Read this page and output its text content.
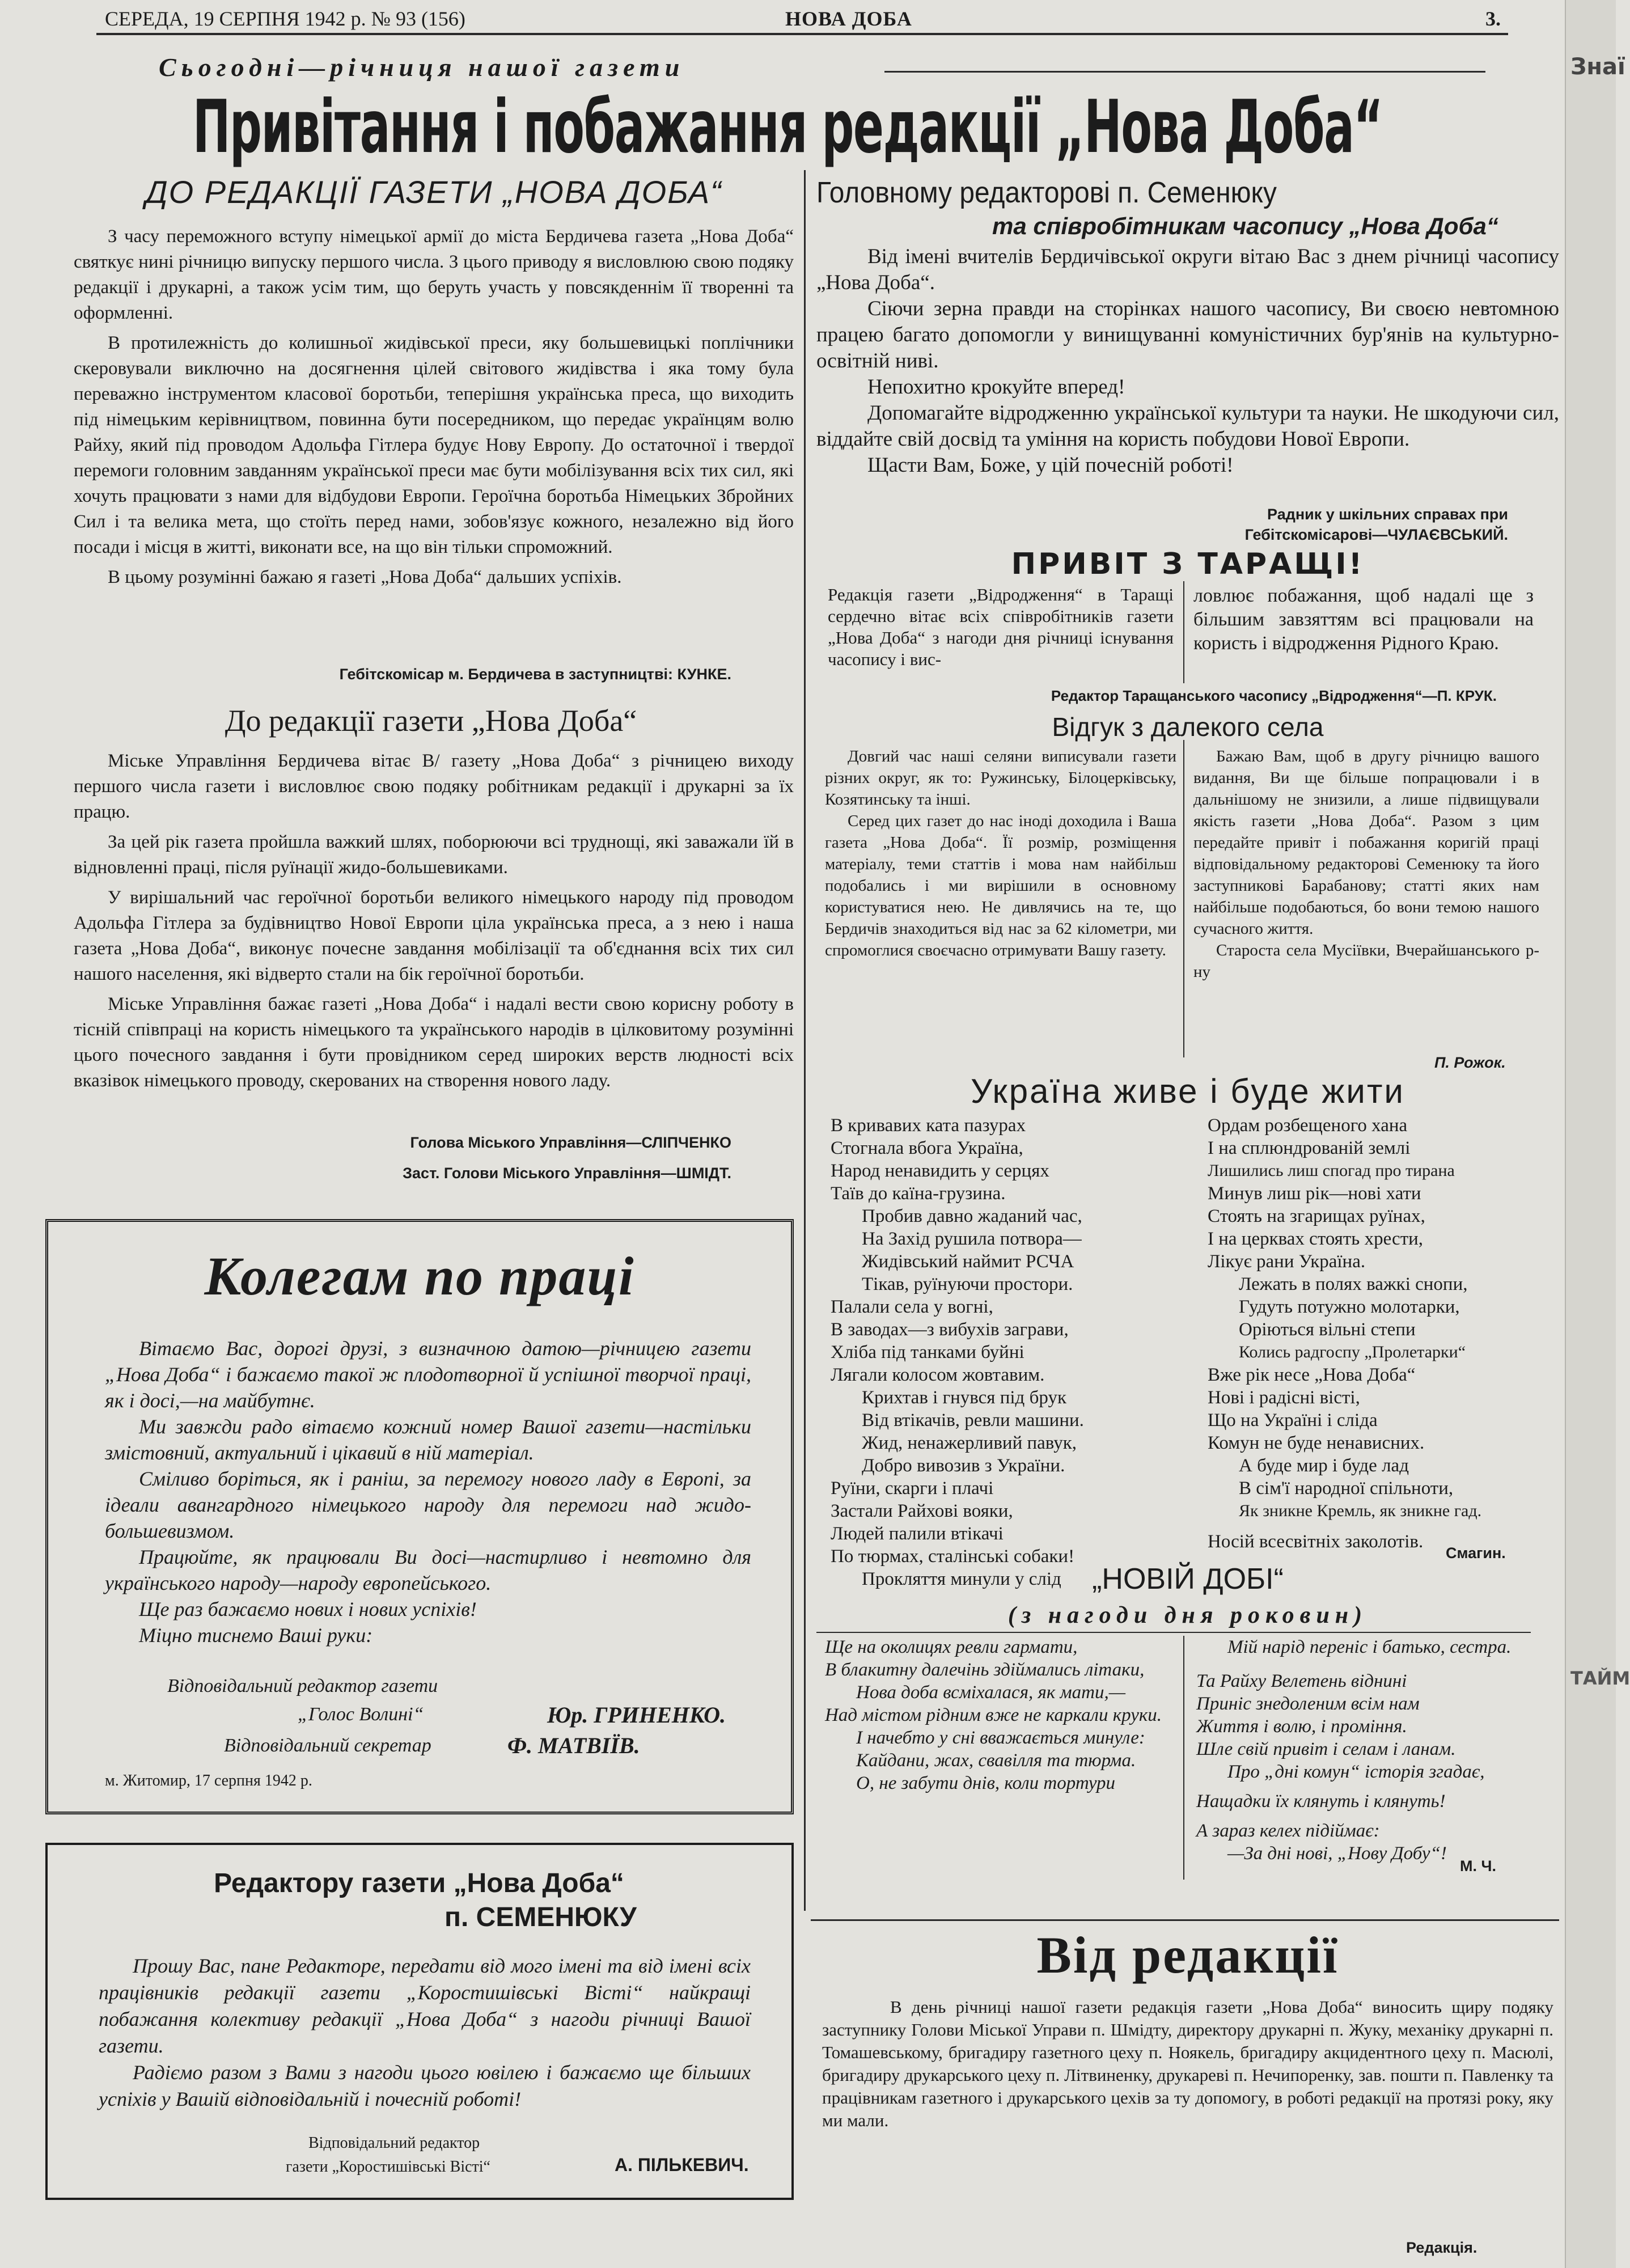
СЕРЕДА, 19 СЕРПНЯ 1942 р. № 93 (156)	НОВА ДОБА	3.
Сьогодні—річниця нашої газети
Привітання і побажання редакції „Нова Доба“
ДО РЕДАКЦІЇ ГАЗЕТИ „НОВА ДОБА“

З часу переможного вступу німецької армії до міста Бердичева газета „Нова Доба“ святкує нині річницю випуску першого числа. З цього приводу я висловлюю свою подяку редакції і друкарні, а також усім тим, що беруть участь у повсякденнім її творенні та оформленні.

В протилежність до колишньої жидівської преси, яку большевицькі поплічники скеровували виключно на досягнення цілей світового жидівства і яка тому була переважно інструментом класової боротьби, теперішня українська преса, що виходить під німецьким керівництвом, повинна бути посередником, що передає українцям волю Райху, який під проводом Адольфа Гітлера будує Нову Европу. До остаточної і твердої перемоги головним завданням української преси має бути мобілізування всіх тих сил, які хочуть працювати з нами для відбудови Европи. Героїчна боротьба Німецьких Збройних Сил і та велика мета, що стоїть перед нами, зобов'язує кожного, незалежно від його посади і місця в житті, виконати все, на що він тільки спроможний.

В цьому розумінні бажаю я газеті „Нова Доба“ дальших успіхів.

Гебітскомісар м. Бердичева в заступництві: КУНКЕ.
До редакції газети „Нова Доба“

Міське Управління Бердичева вітає В/ газету „Нова Доба“ з річницею виходу першого числа газети і висловлює свою подяку робітникам редакції і друкарні за їх працю.

За цей рік газета пройшла важкий шлях, поборюючи всі труднощі, які заважали їй в відновленні праці, після руїнації жидо-большевиками.

У вирішальний час героїчної боротьби великого німецького народу під проводом Адольфа Гітлера за будівництво Нової Европи ціла українська преса, а з нею і наша газета „Нова Доба“, виконує почесне завдання мобілізації та об'єднання всіх тих сил нашого населення, які відверто стали на бік героїчної боротьби.

Міське Управління бажає газеті „Нова Доба“ і надалі вести свою корисну роботу в тісній співпраці на користь німецького та українського народів в цілковитому розумінні цього почесного завдання і бути провідником серед широких верств людності всіх вказівок німецького проводу, скерованих на створення нового ладу.

Голова Міського Управління—СЛІПЧЕНКО
Заст. Голови Міського Управління—ШМІДТ.
Колегам по праці

Вітаємо Вас, дорогі друзі, з визначною датою—річницею газети „Нова Доба“ і бажаємо такої ж плодотворної й успішної творчої праці, як і досі,—на майбутнє.

Ми завжди радо вітаємо кожний номер Вашої газети—настільки змістовний, актуальний і цікавий в ній матеріал.

Сміливо боріться, як і раніш, за перемогу нового ладу в Европі, за ідеали авангардного німецького народу для перемоги над жидо-большевизмом.

Працюйте, як працювали Ви досі—настирливо і невтомно для українського народу—народу европейського.

Ще раз бажаємо нових і нових успіхів!

Міцно тиснемо Ваші руки:

Відповідальний редактор газети
„Голос Волині“	Юр. ГРИНЕНКО.
Відповідальний секретар	Ф. МАТВІЇВ.
м. Житомир, 17 серпня 1942 р.
Редактору газети „Нова Доба“
п. СЕМЕНЮКУ

Прошу Вас, пане Редакторе, передати від мого імені та від імені всіх працівників редакції газети „Коростишівські Вісті“ найкращі побажання колективу редакції „Нова Доба“ з нагоди річниці Вашої газети.

Радіємо разом з Вами з нагоди цього ювілею і бажаємо ще більших успіхів у Вашій відповідальній і почесній роботі!

Відповідальний редактор
газети „Коростишівські Вісті“	А. ПІЛЬКЕВИЧ.
Головному редакторові п. Семенюку
та співробітникам часопису „Нова Доба“

Від імені вчителів Бердичівської округи вітаю Вас з днем річниці часопису „Нова Доба“.

Сіючи зерна правди на сторінках нашого часопису, Ви своєю невтомною працею багато допомогли у винищуванні комуністичних бур'янів на культурно-освітній ниві.

Непохитно крокуйте вперед!

Допомагайте відродженню української культури та науки. Не шкодуючи сил, віддайте свій досвід та уміння на користь побудови Нової Европи.

Щасти Вам, Боже, у цій почесній роботі!

Радник у шкільних справах при
Гебітскомісарові—ЧУЛАЄВСЬКИЙ.
ПРИВІТ З ТАРАЩІ!
Редакція газети „Відродження“ в Таращі сердечно вітає всіх співробітників газети „Нова Доба“ з нагоди дня річниці існування часопису і вис-
ловлює побажання, щоб надалі ще з більшим завзяттям всі працювали на користь і відродження Рідного Краю.
Редактор Таращанського часопису „Відродження“—П. КРУК.
Відгук з далекого села

Довгий час наші селяни виписували газети різних округ, як то: Ружинську, Білоцерківську, Козятинську та інші.

Серед цих газет до нас іноді доходила і Ваша газета „Нова Доба“. Її розмір, розміщення матеріалу, теми статтів і мова нам найбільш подобались і ми вирішили в основному користуватися нею. Не дивлячись на те, що Бердичів знаходиться від нас за 62 кілометри, ми спромоглися своєчасно отримувати Вашу газету.

Бажаю Вам, щоб в другу річницю вашого видання, Ви ще більше попрацювали і в дальнішому не знизили, а лише підвищували якість газети „Нова Доба“. Разом з цим передайте привіт і побажання коригій праці відповідальному редакторові Семенюку та його заступникові Барабанову; статті яких нам найбільше подобаються, бо вони темою нашого сучасного життя.

Староста села Мусіївки, Вчерайшанського р-ну

П. Рожок.
Україна живе і буде жити
В кривавих ката пазурах
Стогнала вбога Україна,
Народ ненавидить у серцях
Таїв до каїна-грузина.
Пробив давно жаданий час,
На Захід рушила потвора—
Жидівський наймит РСЧА
Тікав, руїнуючи простори.
Палали села у вогні,
В заводах—з вибухів заграви,
Хліба під танками буйні
Лягали колосом жовтавим.
Крихтав і гнувся під брук
Від втікачів, ревли машини.
Жид, ненажерливий павук,
Добро вивозив з України.
Руїни, скарги і плачі
Застали Райхові вояки,
Людей палили втікачі
По тюрмах, сталінські собаки!
Прокляття минули у слід
Ордам розбещеного хана
І на сплюндрованій землі
Лишились лиш спогад про тирана
Минув лиш рік—нові хати
Стоять на згарищах руїнах,
І на церквах стоять хрести,
Лікує рани Україна.
Лежать в полях важкі снопи,
Гудуть потужно молотарки,
Оріються вільні степи
Колись радгоспу „Пролетарки“
Вже рік несе „Нова Доба“
Нові і радісні вісті,
Що на Україні і сліда
Комун не буде ненависних.
А буде мир і буде лад
В сім'ї народної спільноти,
Як зникне Кремль, як зникне гад.
Носій всесвітніх заколотів.
Смагин.
„НОВІЙ ДОБІ“
(з нагоди дня роковин)
Ще на околицях ревли гармати,
В блакитну далечінь здіймались літаки,
Нова доба всміхалася, як мати,—
Над містом рідним вже не каркали круки.
І начебто у сні вважається минуле:
Кайдани, жах, свавілля та тюрма.
О, не забути днів, коли тортури
Мій нарід переніс і батько, сестра.
Та Райху Велетень віднині
Приніс знедоленим всім нам
Життя і волю, і проміння.
Шле свій привіт і селам і ланам.
Про „дні комун“ історія згадає,
Нащадки їх клянуть і клянуть!
А зараз келех підіймає:
—За дні нові, „Нову Добу“!
М. Ч.
Від редакції
В день річниці нашої газети редакція газети „Нова Доба“ виносить щиру подяку заступнику Голови Міської Управи п. Шмідту, директору друкарні п. Жуку, механіку друкарні п. Томашевському, бригадиру газетного цеху п. Ноякель, бригадиру акцидентного цеху п. Масюлі, бригадиру друкарського цеху п. Літвиненку, друкареві п. Нечипоренку, зав. пошти п. Павленку та працівникам газетного і друкарського цехів за ту допомогу, в роботі редакції на протязі року, яку ми мали.
Редакція.
Знаї
ТАЙМ
